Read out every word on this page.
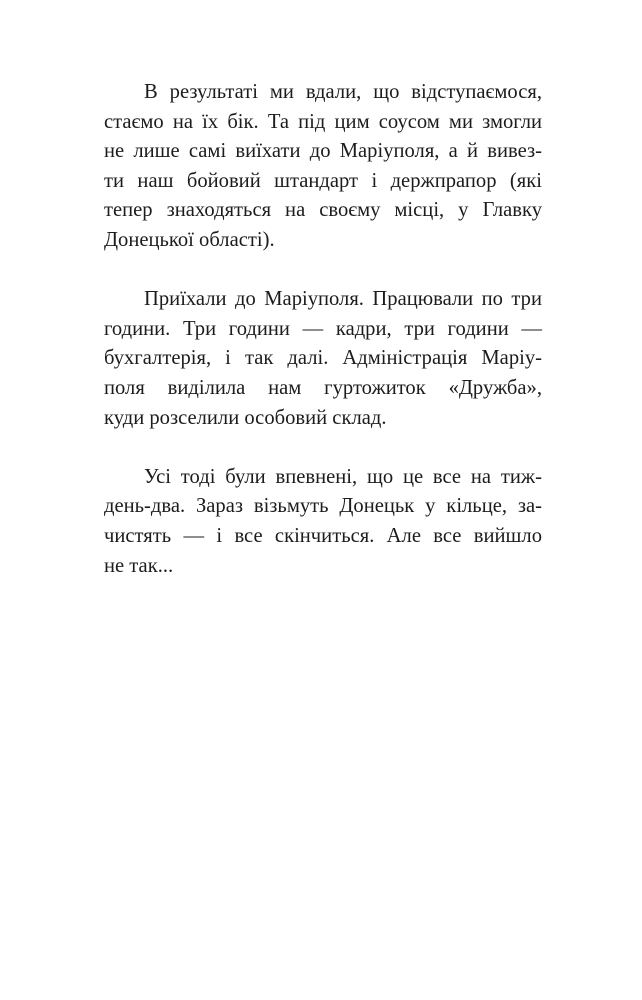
В результаті ми вдали, що відступаємося,
стаємо на їх бік. Та під цим соусом ми змогли
не лише самі виїхати до Маріуполя, а й вивез-
ти наш бойовий штандарт і держпрапор (які
тепер знаходяться на своєму місці, у Главку
Донецької області).

Приїхали до Маріуполя. Працювали по три
години. Три години — кадри, три години —
бухгалтерія, і так далі. Адміністрація Маріу-
поля виділила нам гуртожиток «Дружба»,
куди розселили особовий склад.

Усі тоді були впевнені, що це все на тиж-
день-два. Зараз візьмуть Донецьк у кільце, за-
чистять — і все скінчиться. Але все вийшло
не так...
